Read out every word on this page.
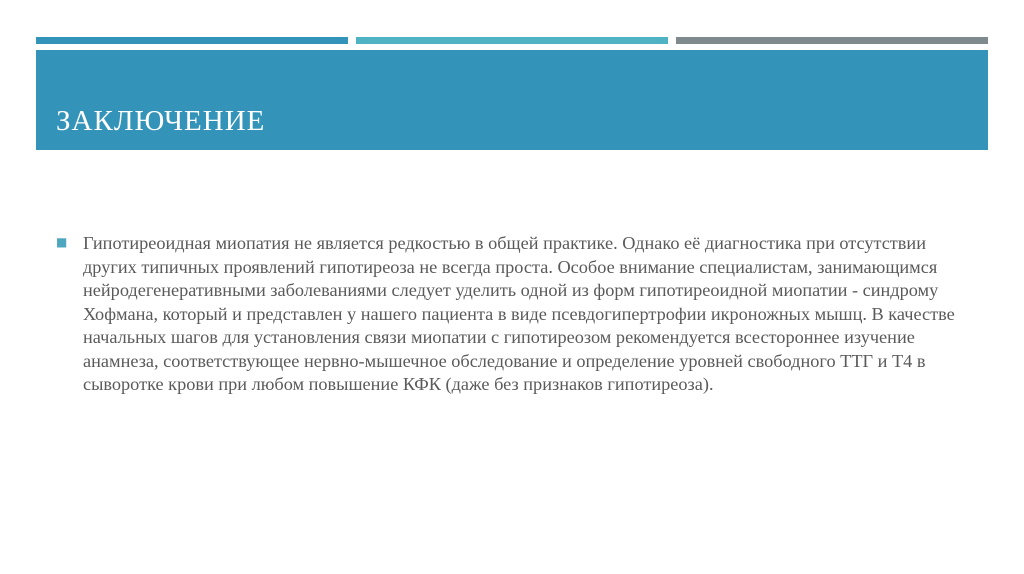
ЗАКЛЮЧЕНИЕ
■ Гипотиреоидная миопатия не является редкостью в общей практике. Однако её диагностика при отсутствии других типичных проявлений гипотиреоза не всегда проста. Особое внимание специалистам, занимающимся нейродегенеративными заболеваниями следует уделить одной из форм гипотиреоидной миопатии - синдрому Хофмана, который и представлен у нашего пациента в виде псевдогипертрофии икроножных мышц. В качестве начальных шагов для установления связи миопатии с гипотиреозом рекомендуется всестороннее изучение анамнеза, соответствующее нервно-мышечное обследование и определение уровней свободного ТТГ и Т4 в сыворотке крови при любом повышение КФК (даже без признаков гипотиреоза).
